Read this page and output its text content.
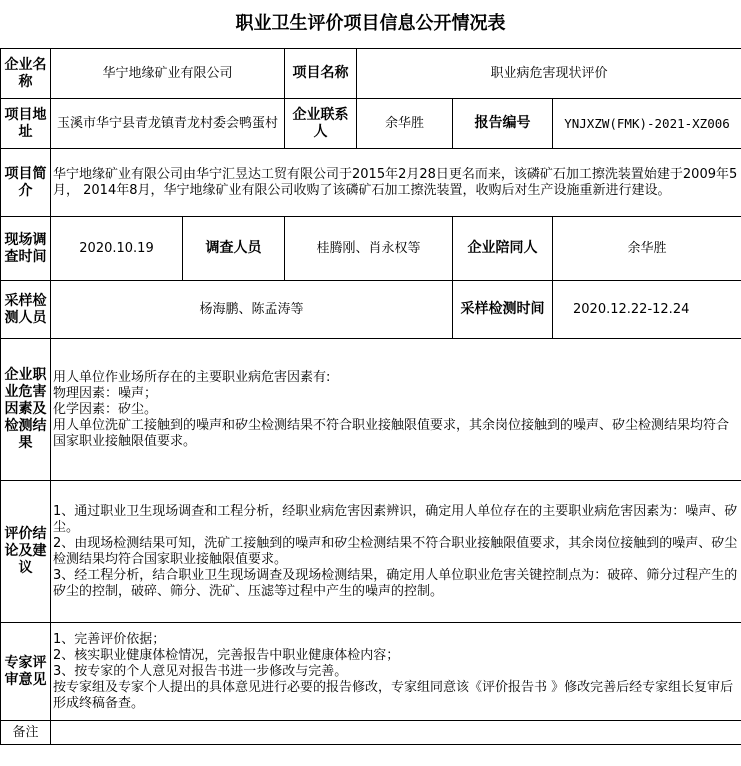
职业卫生评价项目信息公开情况表
企业名称	华宁地缘矿业有限公司		项目名称	职业病危害现状评价		
项目地址	玉溪市华宁县青龙镇青龙村委会鸭蛋村		企业联系人	余华胜	报告编号	YNJXZW(FMK)-2021-XZ006
项目简介	华宁地缘矿业有限公司由华宁汇昱达工贸有限公司于2015年2月28日更名而来，该磷矿石加工擦洗装置始建于2009年5月， 2014年8月，华宁地缘矿业有限公司收购了该磷矿石加工擦洗装置，收购后对生产设施重新进行建设。					
现场调查时间	2020.10.19	调查人员	桂腾刚、肖永权等		企业陪同人	余华胜
采样检测人员	杨海鹏、陈孟涛等				采样检测时间	2020.12.22-12.24
企业职业危害因素及检测结果	用人单位作业场所存在的主要职业病危害因素有:
物理因素：噪声；
化学因素：矽尘。
用人单位洗矿工接触到的噪声和矽尘检测结果不符合职业接触限值要求，其余岗位接触到的噪声、矽尘检测结果均符合国家职业接触限值要求。					

评价结论及建议	1、通过职业卫生现场调查和工程分析，经职业病危害因素辨识，确定用人单位存在的主要职业病危害因素为：噪声、矽尘。
2、由现场检测结果可知，洗矿工接触到的噪声和矽尘检测结果不符合职业接触限值要求，其余岗位接触到的噪声、矽尘检测结果均符合国家职业接触限值要求。
3、经工程分析，结合职业卫生现场调查及现场检测结果，确定用人单位职业危害关键控制点为：破碎、筛分过程产生的矽尘的控制，破碎、筛分、洗矿、压滤等过程中产生的噪声的控制。					

专家评审意见	1、完善评价依据；
2、核实职业健康体检情况，完善报告中职业健康体检内容；
3、按专家的个人意见对报告书进一步修改与完善。
按专家组及专家个人提出的具体意见进行必要的报告修改，专家组同意该《评价报告书 》修改完善后经专家组长复审后形成终稿备查。					

备注						
